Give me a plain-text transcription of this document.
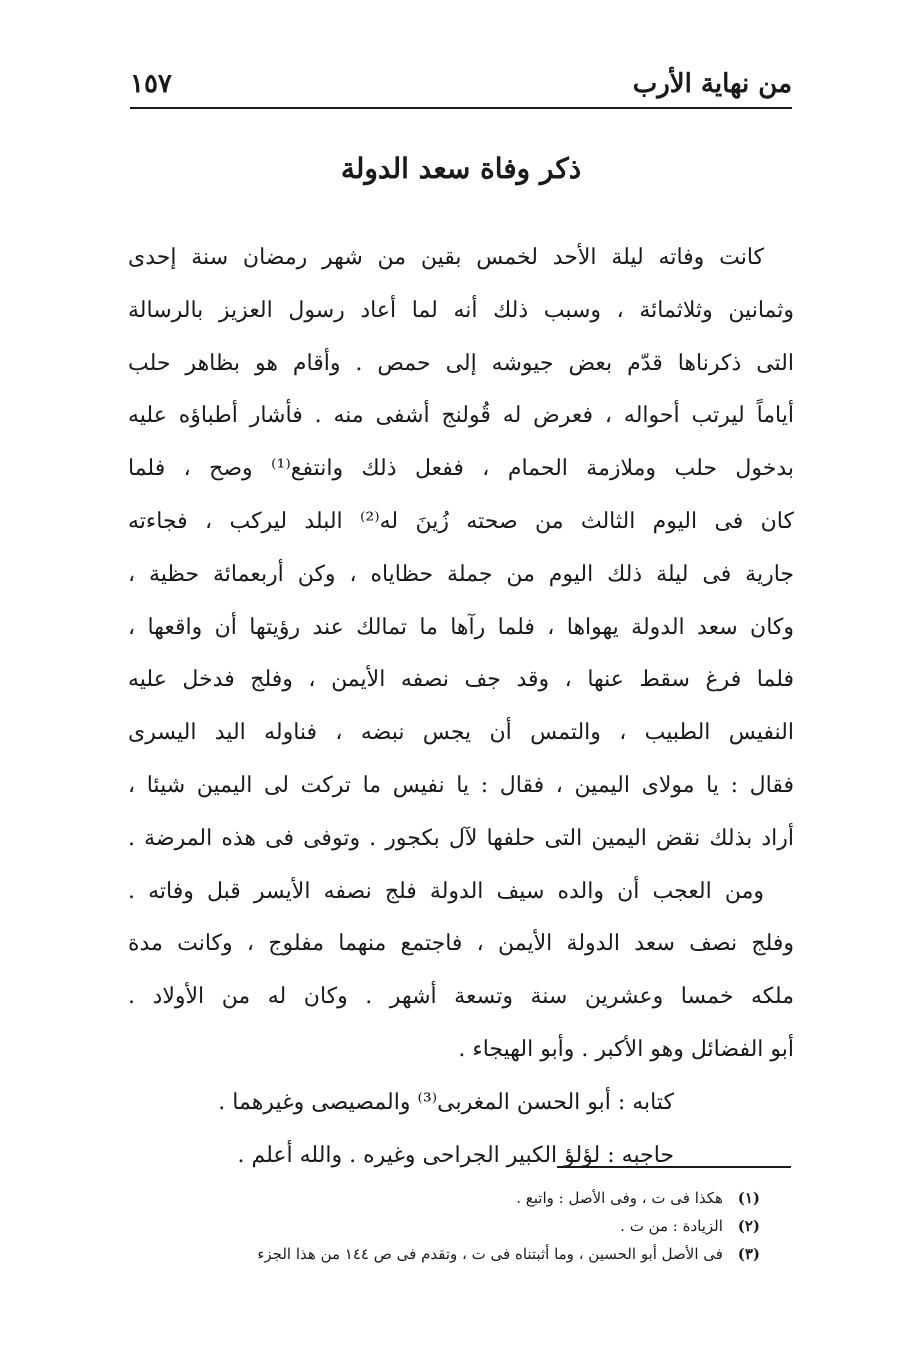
١٥٧	من نهاية الأرب
ذكر وفاة سعد الدولة
كانت وفاته ليلة الأحد لخمس بقين من شهر رمضان سنة إحدى
وثمانين وثلاثمائة ، وسبب ذلك أنه لما أعاد رسول العزيز بالرسالة
التى ذكرناها قدّم بعض جيوشه إلى حمص . وأقام هو بظاهر حلب
أياماً ليرتب أحواله ، فعرض له قُولنج أشفى منه . فأشار أطباؤه عليه
بدخول حلب وملازمة الحمام ، ففعل ذلك وانتفع⁽¹⁾ وصح ، فلما
كان فى اليوم الثالث من صحته زُينَ له⁽²⁾ البلد ليركب ، فجاءته
جارية فى ليلة ذلك اليوم من جملة حظاياه ، وكن أربعمائة حظية ،
وكان سعد الدولة يهواها ، فلما رآها ما تمالك عند رؤيتها أن واقعها ،
فلما فرغ سقط عنها ، وقد جف نصفه الأيمن ، وفلج فدخل عليه
النفيس الطبيب ، والتمس أن يجس نبضه ، فناوله اليد اليسرى
فقال : يا مولاى اليمين ، فقال : يا نفيس ما تركت لى اليمين شيئا ،
أراد بذلك نقض اليمين التى حلفها لآل بكجور . وتوفى فى هذه المرضة .
ومن العجب أن والده سيف الدولة فلج نصفه الأيسر قبل وفاته .
وفلج نصف سعد الدولة الأيمن ، فاجتمع منهما مفلوج ، وكانت مدة
ملكه خمسا وعشرين سنة وتسعة أشهر . وكان له من الأولاد .
أبو الفضائل وهو الأكبر . وأبو الهيجاء .
كتابه : أبو الحسن المغربى⁽³⁾ والمصيصى وغيرهما .
حاجبه : لؤلؤ الكبير الجراحى وغيره . والله أعلم .
(١) هكذا فى ت ، وفى الأصل : واتبع .
(٢) الزيادة : من ت .
(٣) فى الأصل أبو الحسين ، وما أثبتناه فى ت ، وتقدم فى ص ١٤٤ من هذا الجزء
